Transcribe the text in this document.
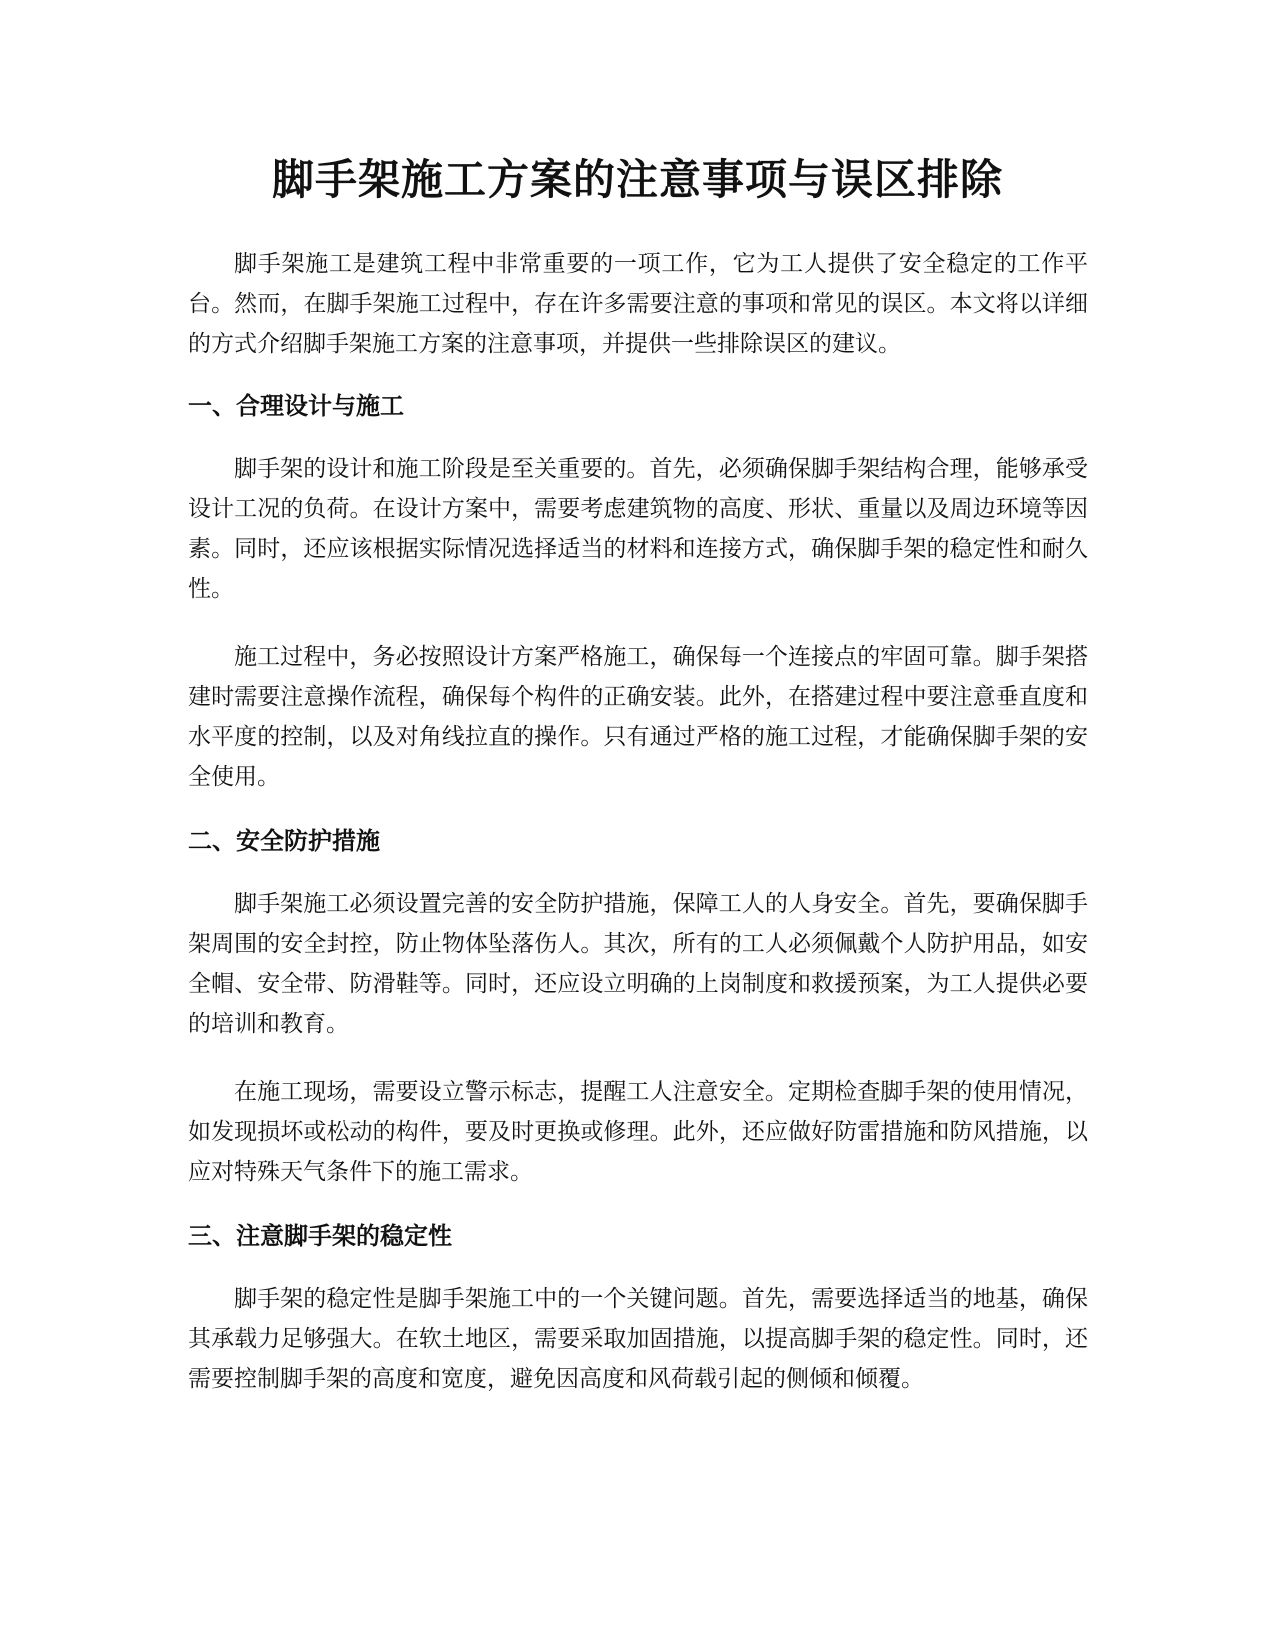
脚手架施工方案的注意事项与误区排除

脚手架施工是建筑工程中非常重要的一项工作，它为工人提供了安全稳定的工作平台。然而，在脚手架施工过程中，存在许多需要注意的事项和常见的误区。本文将以详细的方式介绍脚手架施工方案的注意事项，并提供一些排除误区的建议。

一、合理设计与施工

脚手架的设计和施工阶段是至关重要的。首先，必须确保脚手架结构合理，能够承受设计工况的负荷。在设计方案中，需要考虑建筑物的高度、形状、重量以及周边环境等因素。同时，还应该根据实际情况选择适当的材料和连接方式，确保脚手架的稳定性和耐久性。

施工过程中，务必按照设计方案严格施工，确保每一个连接点的牢固可靠。脚手架搭建时需要注意操作流程，确保每个构件的正确安装。此外，在搭建过程中要注意垂直度和水平度的控制，以及对角线拉直的操作。只有通过严格的施工过程，才能确保脚手架的安全使用。

二、安全防护措施

脚手架施工必须设置完善的安全防护措施，保障工人的人身安全。首先，要确保脚手架周围的安全封控，防止物体坠落伤人。其次，所有的工人必须佩戴个人防护用品，如安全帽、安全带、防滑鞋等。同时，还应设立明确的上岗制度和救援预案，为工人提供必要的培训和教育。

在施工现场，需要设立警示标志，提醒工人注意安全。定期检查脚手架的使用情况，如发现损坏或松动的构件，要及时更换或修理。此外，还应做好防雷措施和防风措施，以应对特殊天气条件下的施工需求。

三、注意脚手架的稳定性

脚手架的稳定性是脚手架施工中的一个关键问题。首先，需要选择适当的地基，确保其承载力足够强大。在软土地区，需要采取加固措施，以提高脚手架的稳定性。同时，还需要控制脚手架的高度和宽度，避免因高度和风荷载引起的侧倾和倾覆。
